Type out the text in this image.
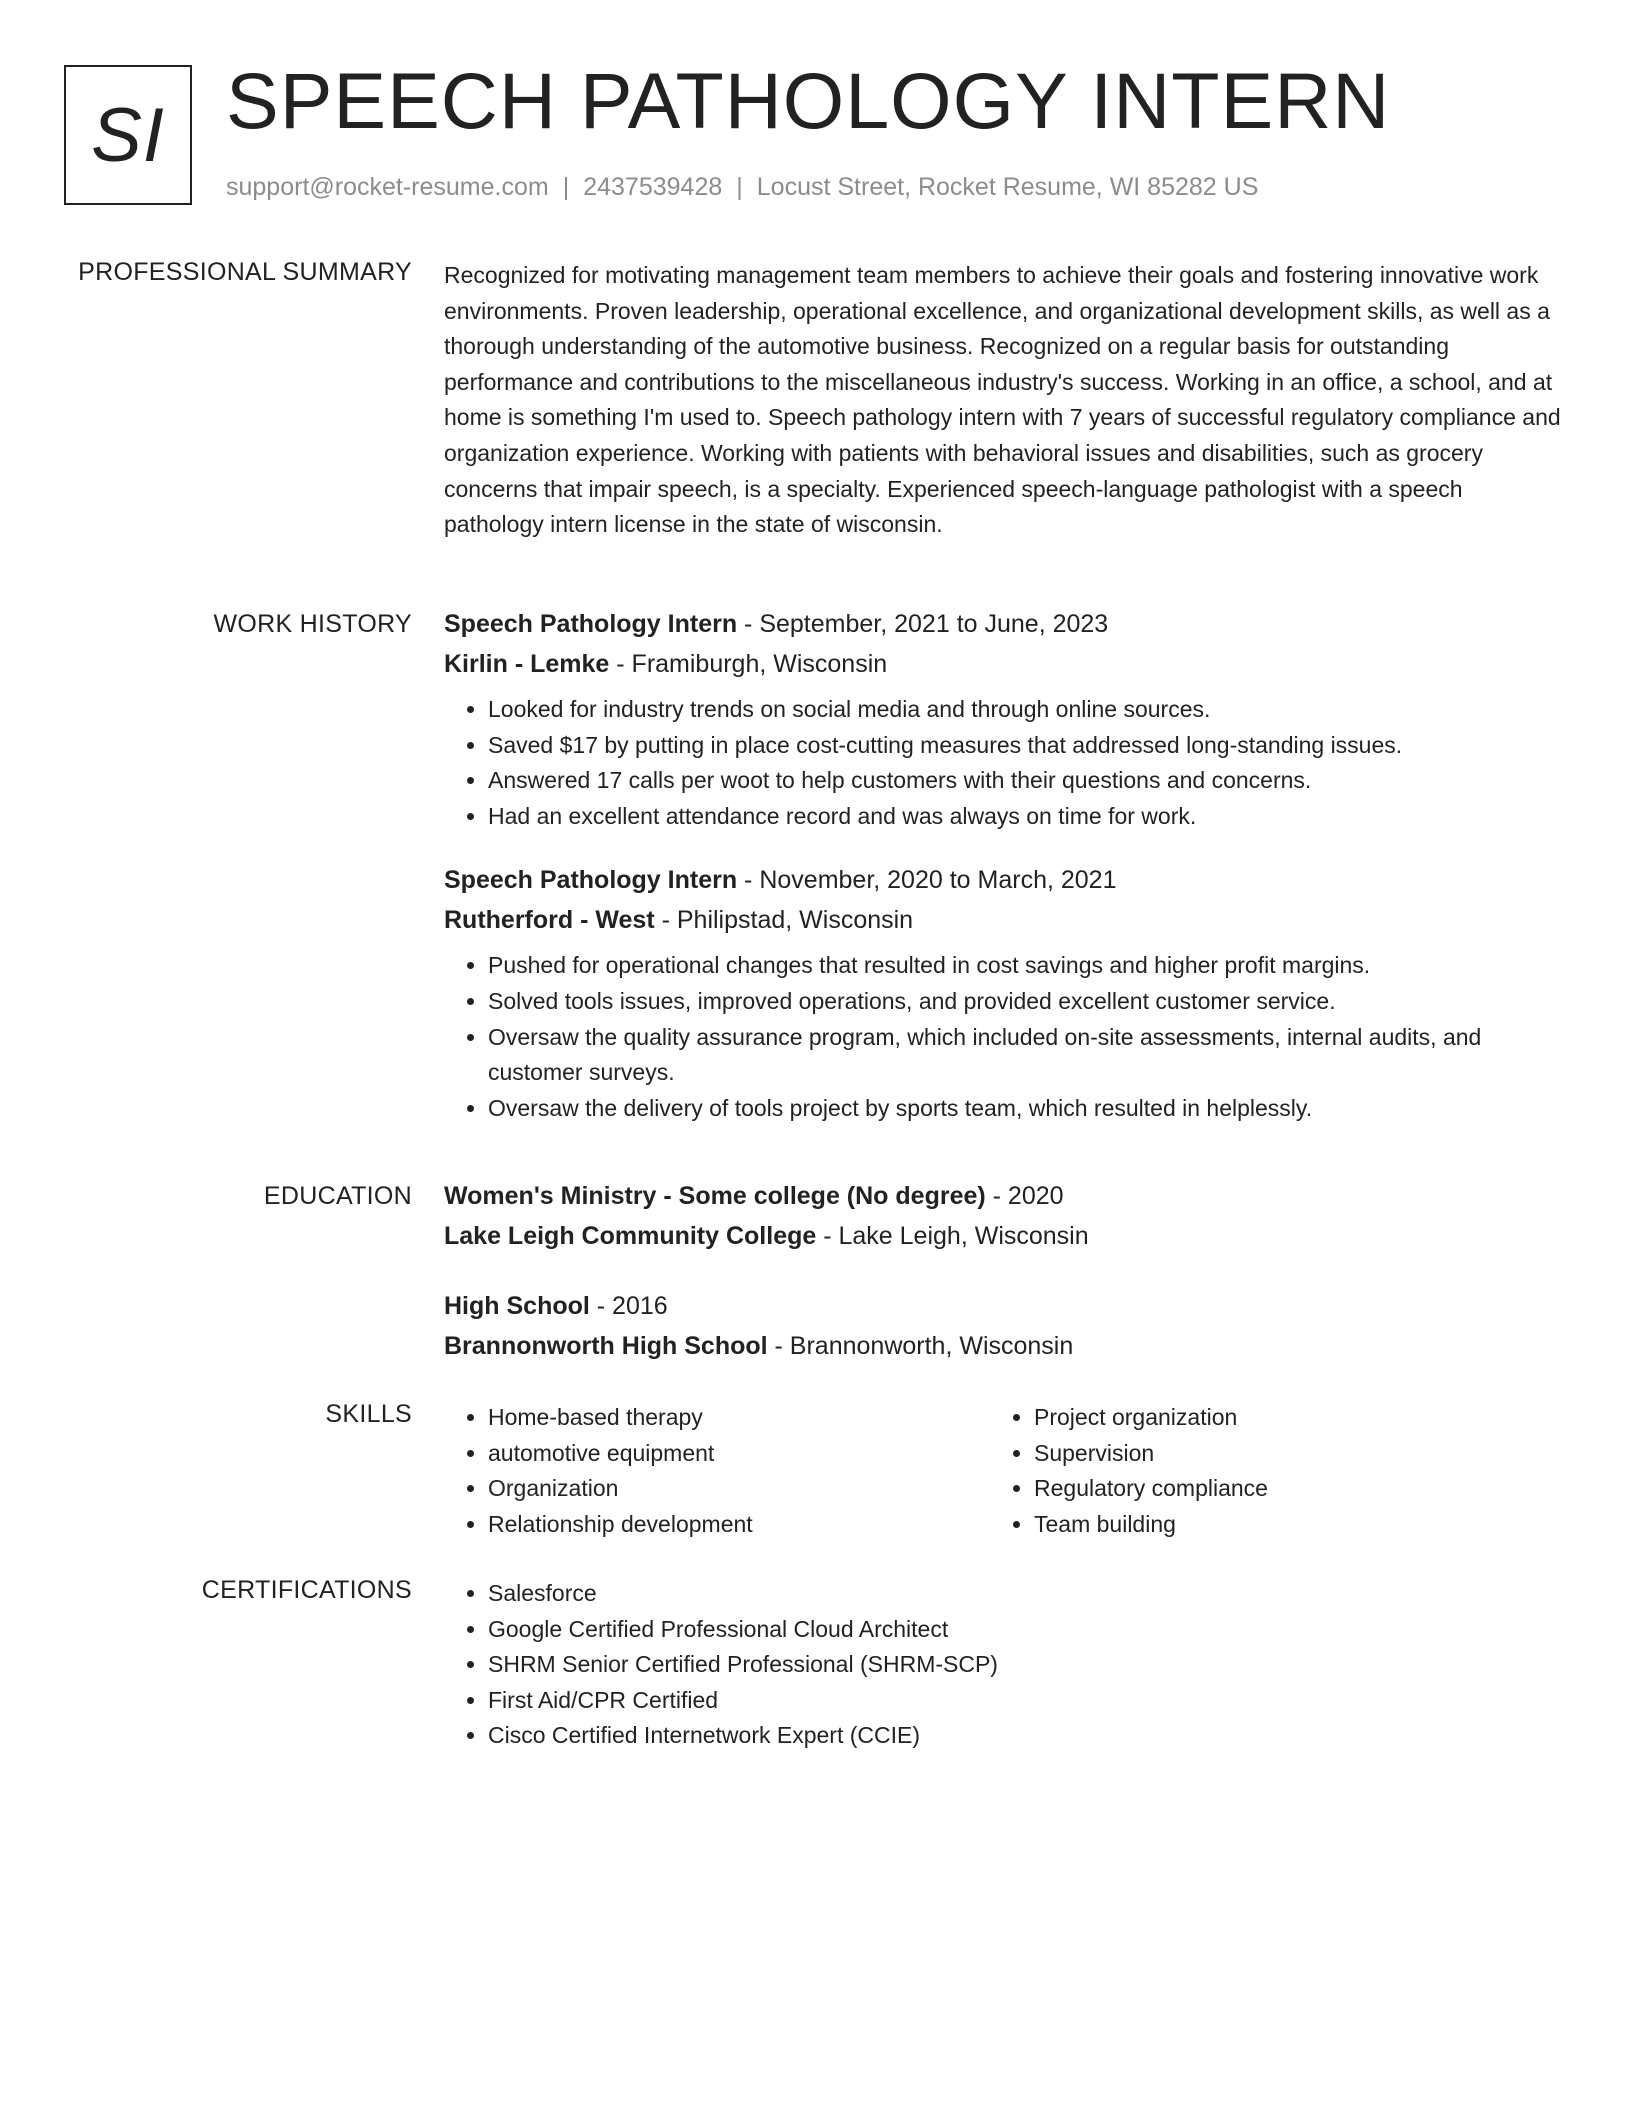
SI SPEECH PATHOLOGY INTERN
support@rocket-resume.com | 2437539428 | Locust Street, Rocket Resume, WI 85282 US
PROFESSIONAL SUMMARY Recognized for motivating management team members to achieve their goals and fostering innovative work environments. Proven leadership, operational excellence, and organizational development skills, as well as a thorough understanding of the automotive business. Recognized on a regular basis for outstanding performance and contributions to the miscellaneous industry's success. Working in an office, a school, and at home is something I'm used to. Speech pathology intern with 7 years of successful regulatory compliance and organization experience. Working with patients with behavioral issues and disabilities, such as grocery concerns that impair speech, is a specialty. Experienced speech-language pathologist with a speech pathology intern license in the state of wisconsin.

WORK HISTORY Speech Pathology Intern - September, 2021 to June, 2023
Kirlin - Lemke - Framiburgh, Wisconsin
• Looked for industry trends on social media and through online sources.
• Saved $17 by putting in place cost-cutting measures that addressed long-standing issues.
• Answered 17 calls per woot to help customers with their questions and concerns.
• Had an excellent attendance record and was always on time for work.
Speech Pathology Intern - November, 2020 to March, 2021
Rutherford - West - Philipstad, Wisconsin
• Pushed for operational changes that resulted in cost savings and higher profit margins.
• Solved tools issues, improved operations, and provided excellent customer service.
• Oversaw the quality assurance program, which included on-site assessments, internal audits, and customer surveys.
• Oversaw the delivery of tools project by sports team, which resulted in helplessly.
EDUCATION Women's Ministry - Some college (No degree) - 2020
Lake Leigh Community College - Lake Leigh, Wisconsin
High School - 2016
Brannonworth High School - Brannonworth, Wisconsin
SKILLS	• Home-based therapy
• automotive equipment
• Organization
• Relationship development
• Project organization
• Supervision
• Regulatory compliance
• Team building
CERTIFICATIONS	• Salesforce
• Google Certified Professional Cloud Architect
• SHRM Senior Certified Professional (SHRM-SCP)
• First Aid/CPR Certified
• Cisco Certified Internetwork Expert (CCIE)
